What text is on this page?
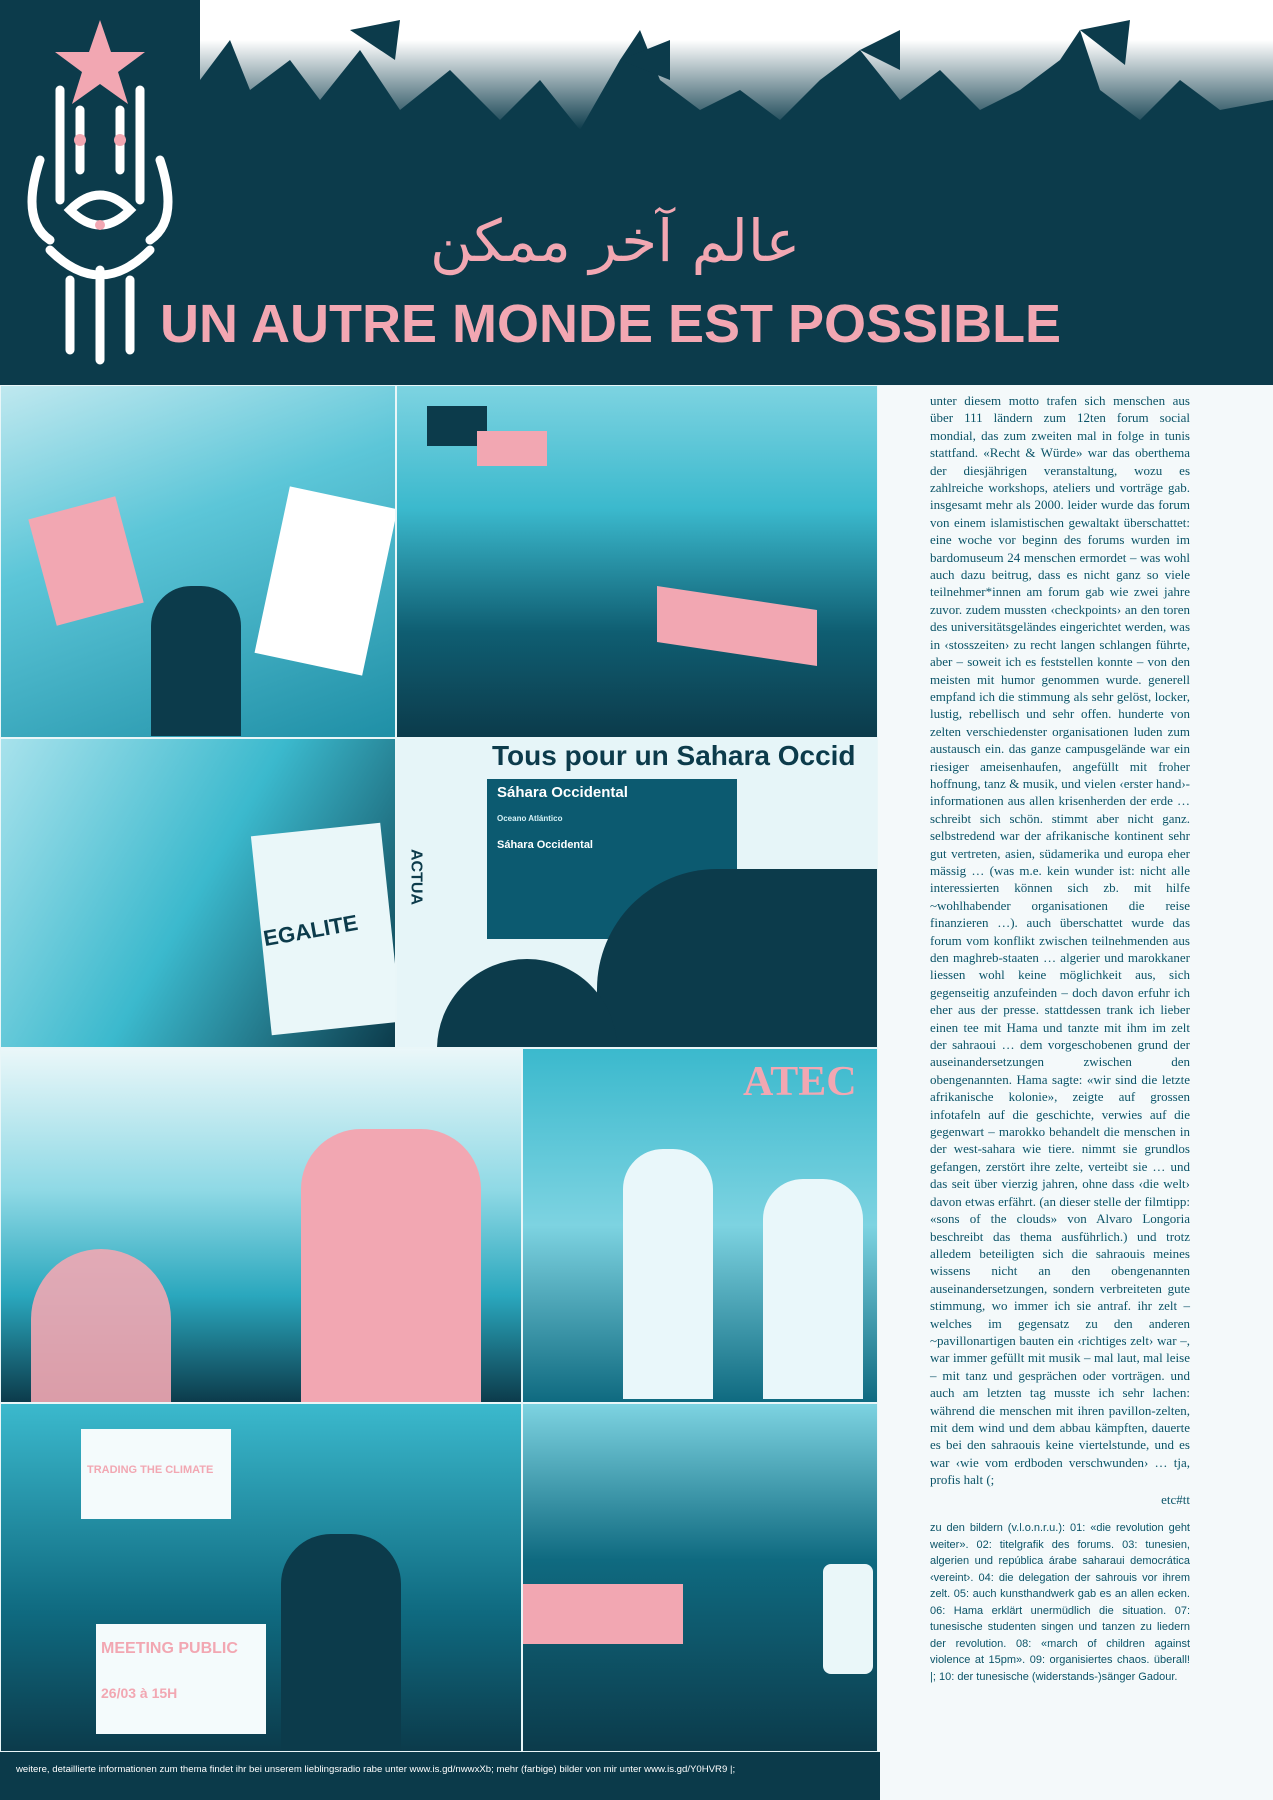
عالم آخر ممكن
UN AUTRE MONDE EST POSSIBLE
EGALITE
Tous pour un Sahara Occid
Sáhara Occidental
Oceano Atlántico
Sáhara Occidental
ACTUA
ATEC
TRADING THE CLIMATE
MEETING PUBLIC
26/03 à 15H
unter diesem motto trafen sich menschen aus über 111 ländern zum 12ten forum social mondial, das zum zweiten mal in folge in tunis stattfand. «Recht & Würde» war das oberthema der diesjährigen veranstaltung, wozu es zahlreiche workshops, ateliers und vorträge gab. insgesamt mehr als 2000. leider wurde das forum von einem islamistischen gewaltakt überschattet: eine woche vor beginn des forums wurden im bardomuseum 24 menschen ermordet – was wohl auch dazu beitrug, dass es nicht ganz so viele teilnehmer*innen am forum gab wie zwei jahre zuvor. zudem mussten ‹checkpoints› an den toren des universitätsgeländes eingerichtet werden, was in ‹stosszeiten› zu recht langen schlangen führte, aber – soweit ich es feststellen konnte – von den meisten mit humor genommen wurde. generell empfand ich die stimmung als sehr gelöst, locker, lustig, rebellisch und sehr offen. hunderte von zelten verschiedenster organisationen luden zum austausch ein. das ganze campusgelände war ein riesiger ameisenhaufen, angefüllt mit froher hoffnung, tanz & musik, und vielen ‹erster hand›-informationen aus allen krisenherden der erde … schreibt sich schön. stimmt aber nicht ganz. selbstredend war der afrikanische kontinent sehr gut vertreten, asien, südamerika und europa eher mässig … (was m.e. kein wunder ist: nicht alle interessierten können sich zb. mit hilfe ~wohlhabender organisationen die reise finanzieren …). auch überschattet wurde das forum vom konflikt zwischen teilnehmenden aus den maghreb-staaten … algerier und marokkaner liessen wohl keine möglichkeit aus, sich gegenseitig anzufeinden – doch davon erfuhr ich eher aus der presse. stattdessen trank ich lieber einen tee mit Hama und tanzte mit ihm im zelt der sahraoui … dem vorgeschobenen grund der auseinandersetzungen zwischen den obengenannten. Hama sagte: «wir sind die letzte afrikanische kolonie», zeigte auf grossen infotafeln auf die geschichte, verwies auf die gegenwart – marokko behandelt die menschen in der west-sahara wie tiere. nimmt sie grundlos gefangen, zerstört ihre zelte, verteibt sie … und das seit über vierzig jahren, ohne dass ‹die welt› davon etwas erfährt. (an dieser stelle der filmtipp: «sons of the clouds» von Alvaro Longoria beschreibt das thema ausführlich.) und trotz alledem beteiligten sich die sahraouis meines wissens nicht an den obengenannten auseinandersetzungen, sondern verbreiteten gute stimmung, wo immer ich sie antraf. ihr zelt – welches im gegensatz zu den anderen ~pavillonartigen bauten ein ‹richtiges zelt› war –, war immer gefüllt mit musik – mal laut, mal leise – mit tanz und gesprächen oder vorträgen. und auch am letzten tag musste ich sehr lachen: während die menschen mit ihren pavillon-zelten, mit dem wind und dem abbau kämpften, dauerte es bei den sahraouis keine viertelstunde, und es war ‹wie vom erdboden verschwunden› … tja, profis halt (;
etc#tt
zu den bildern (v.l.o.n.r.u.): 01: «die revolution geht weiter». 02: titelgrafik des forums. 03: tunesien, algerien und república árabe saharaui democrática ‹vereint›. 04: die delegation der sahrouis vor ihrem zelt. 05: auch kunsthandwerk gab es an allen ecken. 06: Hama erklärt unermüdlich die situation. 07: tunesische studenten singen und tanzen zu liedern der revolution. 08: «march of children against violence at 15pm». 09: organisiertes chaos. überall! |; 10: der tunesische (widerstands-)sänger Gadour.
weitere, detaillierte informationen zum thema findet ihr bei unserem lieblingsradio rabe unter www.is.gd/nwwxXb; mehr (farbige) bilder von mir unter www.is.gd/Y0HVR9 |;
